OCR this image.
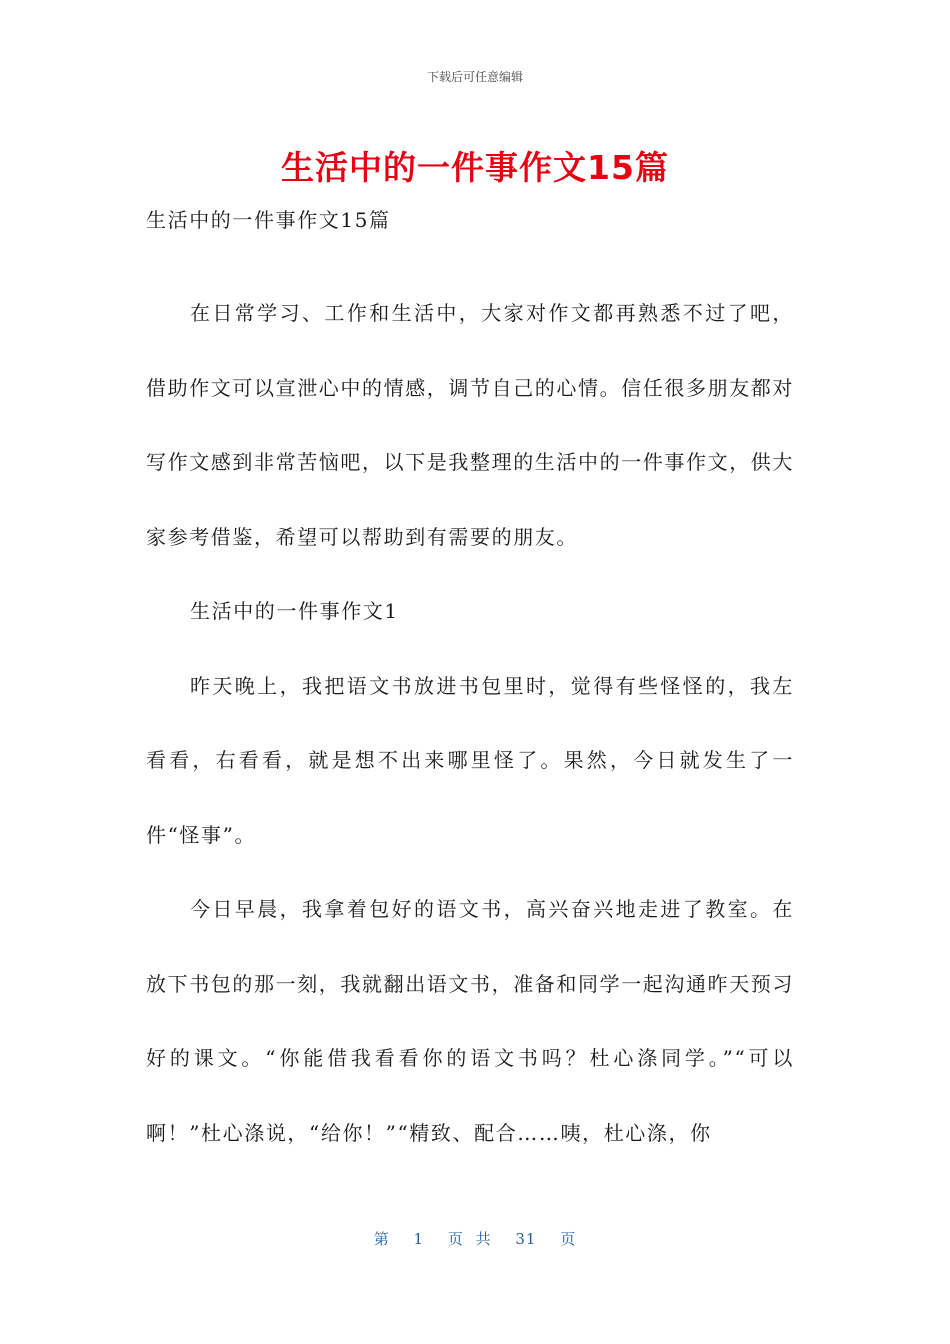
下载后可任意编辑
生活中的一件事作文15篇

生活中的一件事作文15篇

在日常学习、工作和生活中，大家对作文都再熟悉不过了吧，借助作文可以宣泄心中的情感，调节自己的心情。信任很多朋友都对写作文感到非常苦恼吧，以下是我整理的生活中的一件事作文，供大家参考借鉴，希望可以帮助到有需要的朋友。

生活中的一件事作文1

昨天晚上，我把语文书放进书包里时，觉得有些怪怪的，我左看看，右看看，就是想不出来哪里怪了。果然，今日就发生了一件“怪事”。

今日早晨，我拿着包好的语文书，高兴奋兴地走进了教室。在放下书包的那一刻，我就翻出语文书，准备和同学一起沟通昨天预习好的课文。“你能借我看看你的语文书吗？杜心涤同学。”“可以啊！”杜心涤说，“给你！”“精致、配合……咦，杜心涤，你

第 1 页 共 31 页
